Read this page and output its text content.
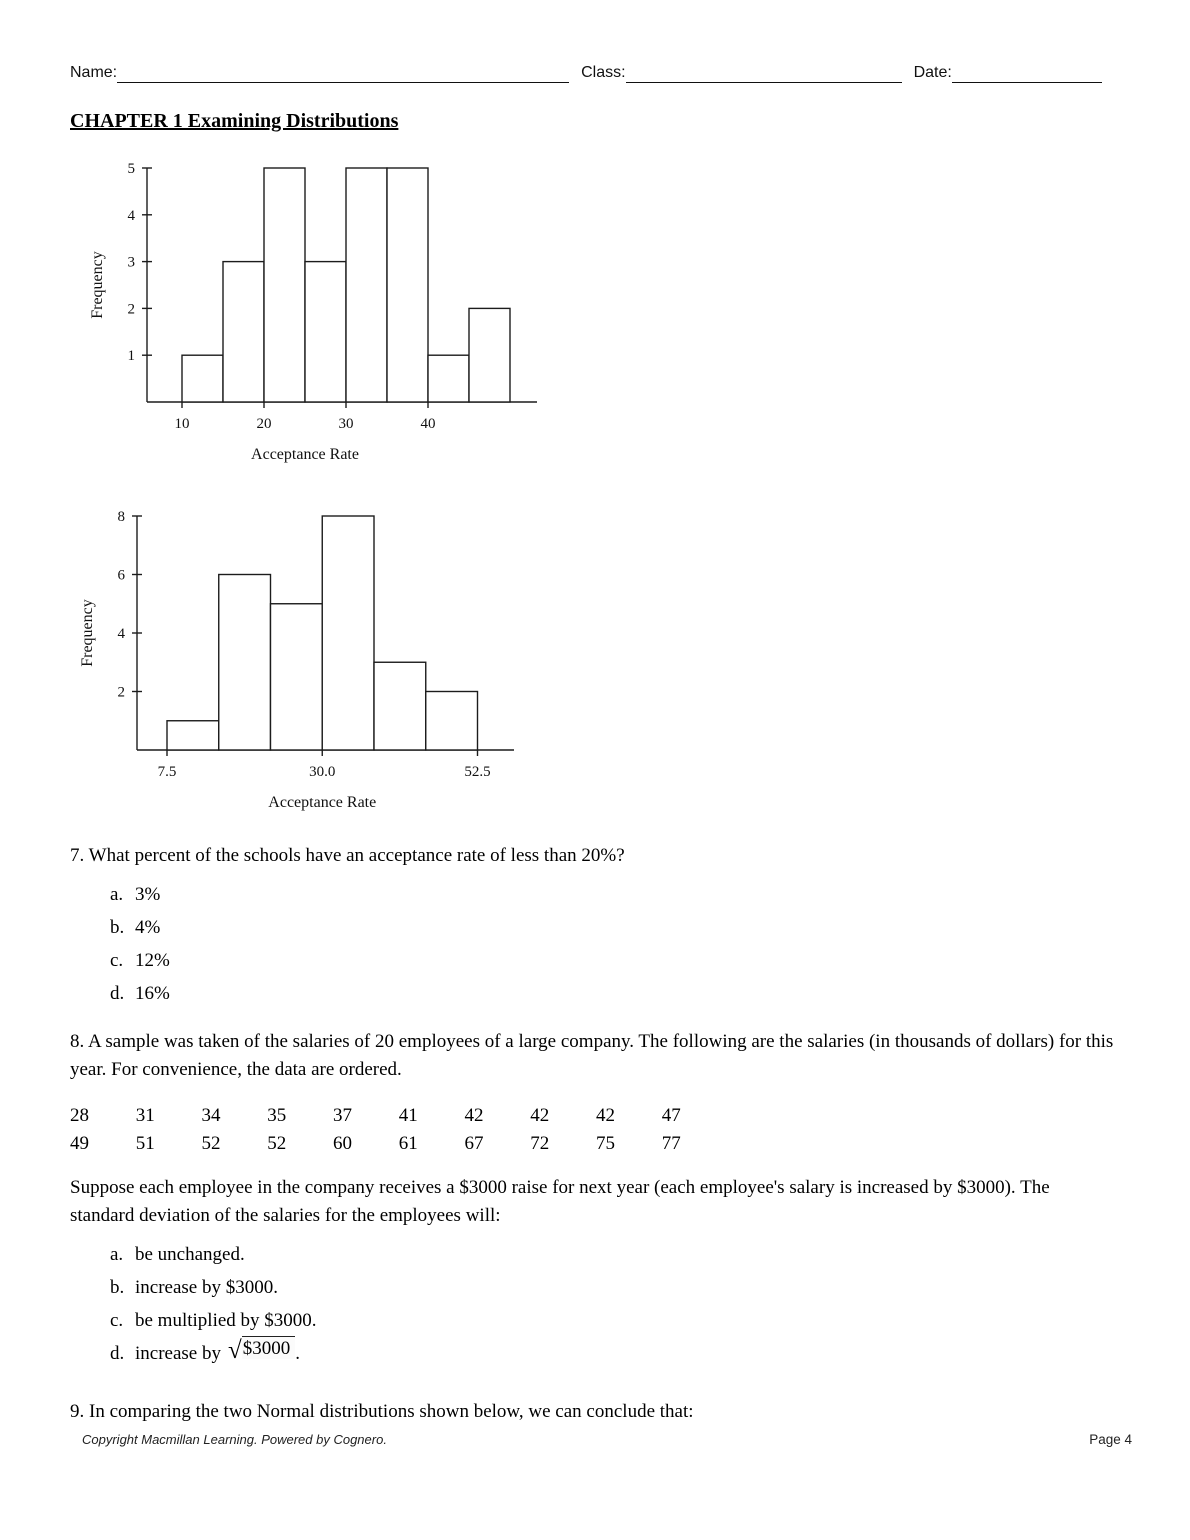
Name:	Class:	Date:
CHAPTER 1 Examining Distributions
1
2
3
4
5
10	20	30	40
Acceptance Rate
Frequency
2
4
6
8
7.5	30.0	52.5
Acceptance Rate
Frequency

7. What percent of the schools have an acceptance rate of less than 20%?

a. 3%
b. 4%
c. 12%
d. 16%

8. A sample was taken of the salaries of 20 employees of a large company. The following are the salaries (in thousands of dollars) for this year. For convenience, the data are ordered.

28 31 34 35 37 41 42 42 42 47
49 51 52 52 60 61 67 72 75 77

Suppose each employee in the company receives a $3000 raise for next year (each employee's salary is increased by $3000). The standard deviation of the salaries for the employees will:

a. be unchanged.
b. increase by $3000.
c. be multiplied by $3000.
d. increase by √$3000 .

9. In comparing the two Normal distributions shown below, we can conclude that:

Copyright Macmillan Learning. Powered by Cognero.	Page 4
